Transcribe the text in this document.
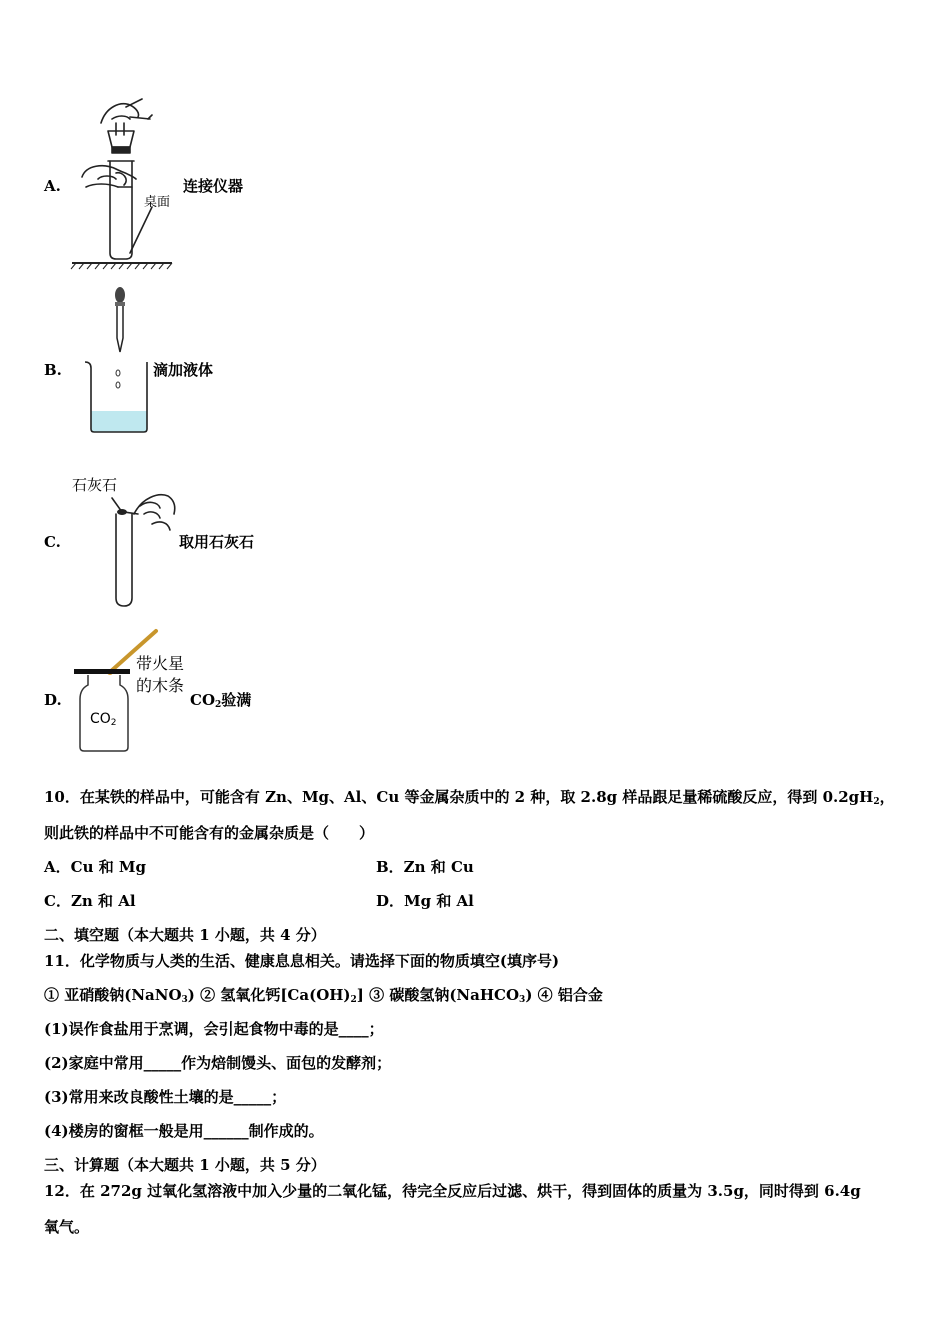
A.
桌面
连接仪器
B.	滴加液体
C.
石灰石
取用石灰石
D.
带火星
的木条
$CO_2$
$CO_2$验满
10．在某铁的样品中，可能含有 Zn、Mg、Al、Cu 等金属杂质中的 2 种，取 2.8g 样品跟足量稀硫酸反应，得到 $0.2gH_2$，
则此铁的样品中不可能含有的金属杂质是（　　）
A．Cu 和 Mg	B．Zn 和 Cu
C．Zn 和 Al	D．Mg 和 Al
二、填空题（本大题共 1 小题，共 4 分）
11．化学物质与人类的生活、健康息息相关。请选择下面的物质填空(填序号)
① 亚硝酸钠(NaNO$_3$) ② 氢氧化钙$[Ca(OH)_2]$ ③ 碳酸氢钠(NaHCO$_3$) ④ 铝合金
(1)误作食盐用于烹调，会引起食物中毒的是____；
(2)家庭中常用_____作为焙制馒头、面包的发酵剂；
(3)常用来改良酸性土壤的是_____；
(4)楼房的窗框一般是用______制作成的。
三、计算题（本大题共 1 小题，共 5 分）
12．在 272g 过氧化氢溶液中加入少量的二氧化锰，待完全反应后过滤、烘干，得到固体的质量为 3.5g，同时得到 6.4g
氧气。
